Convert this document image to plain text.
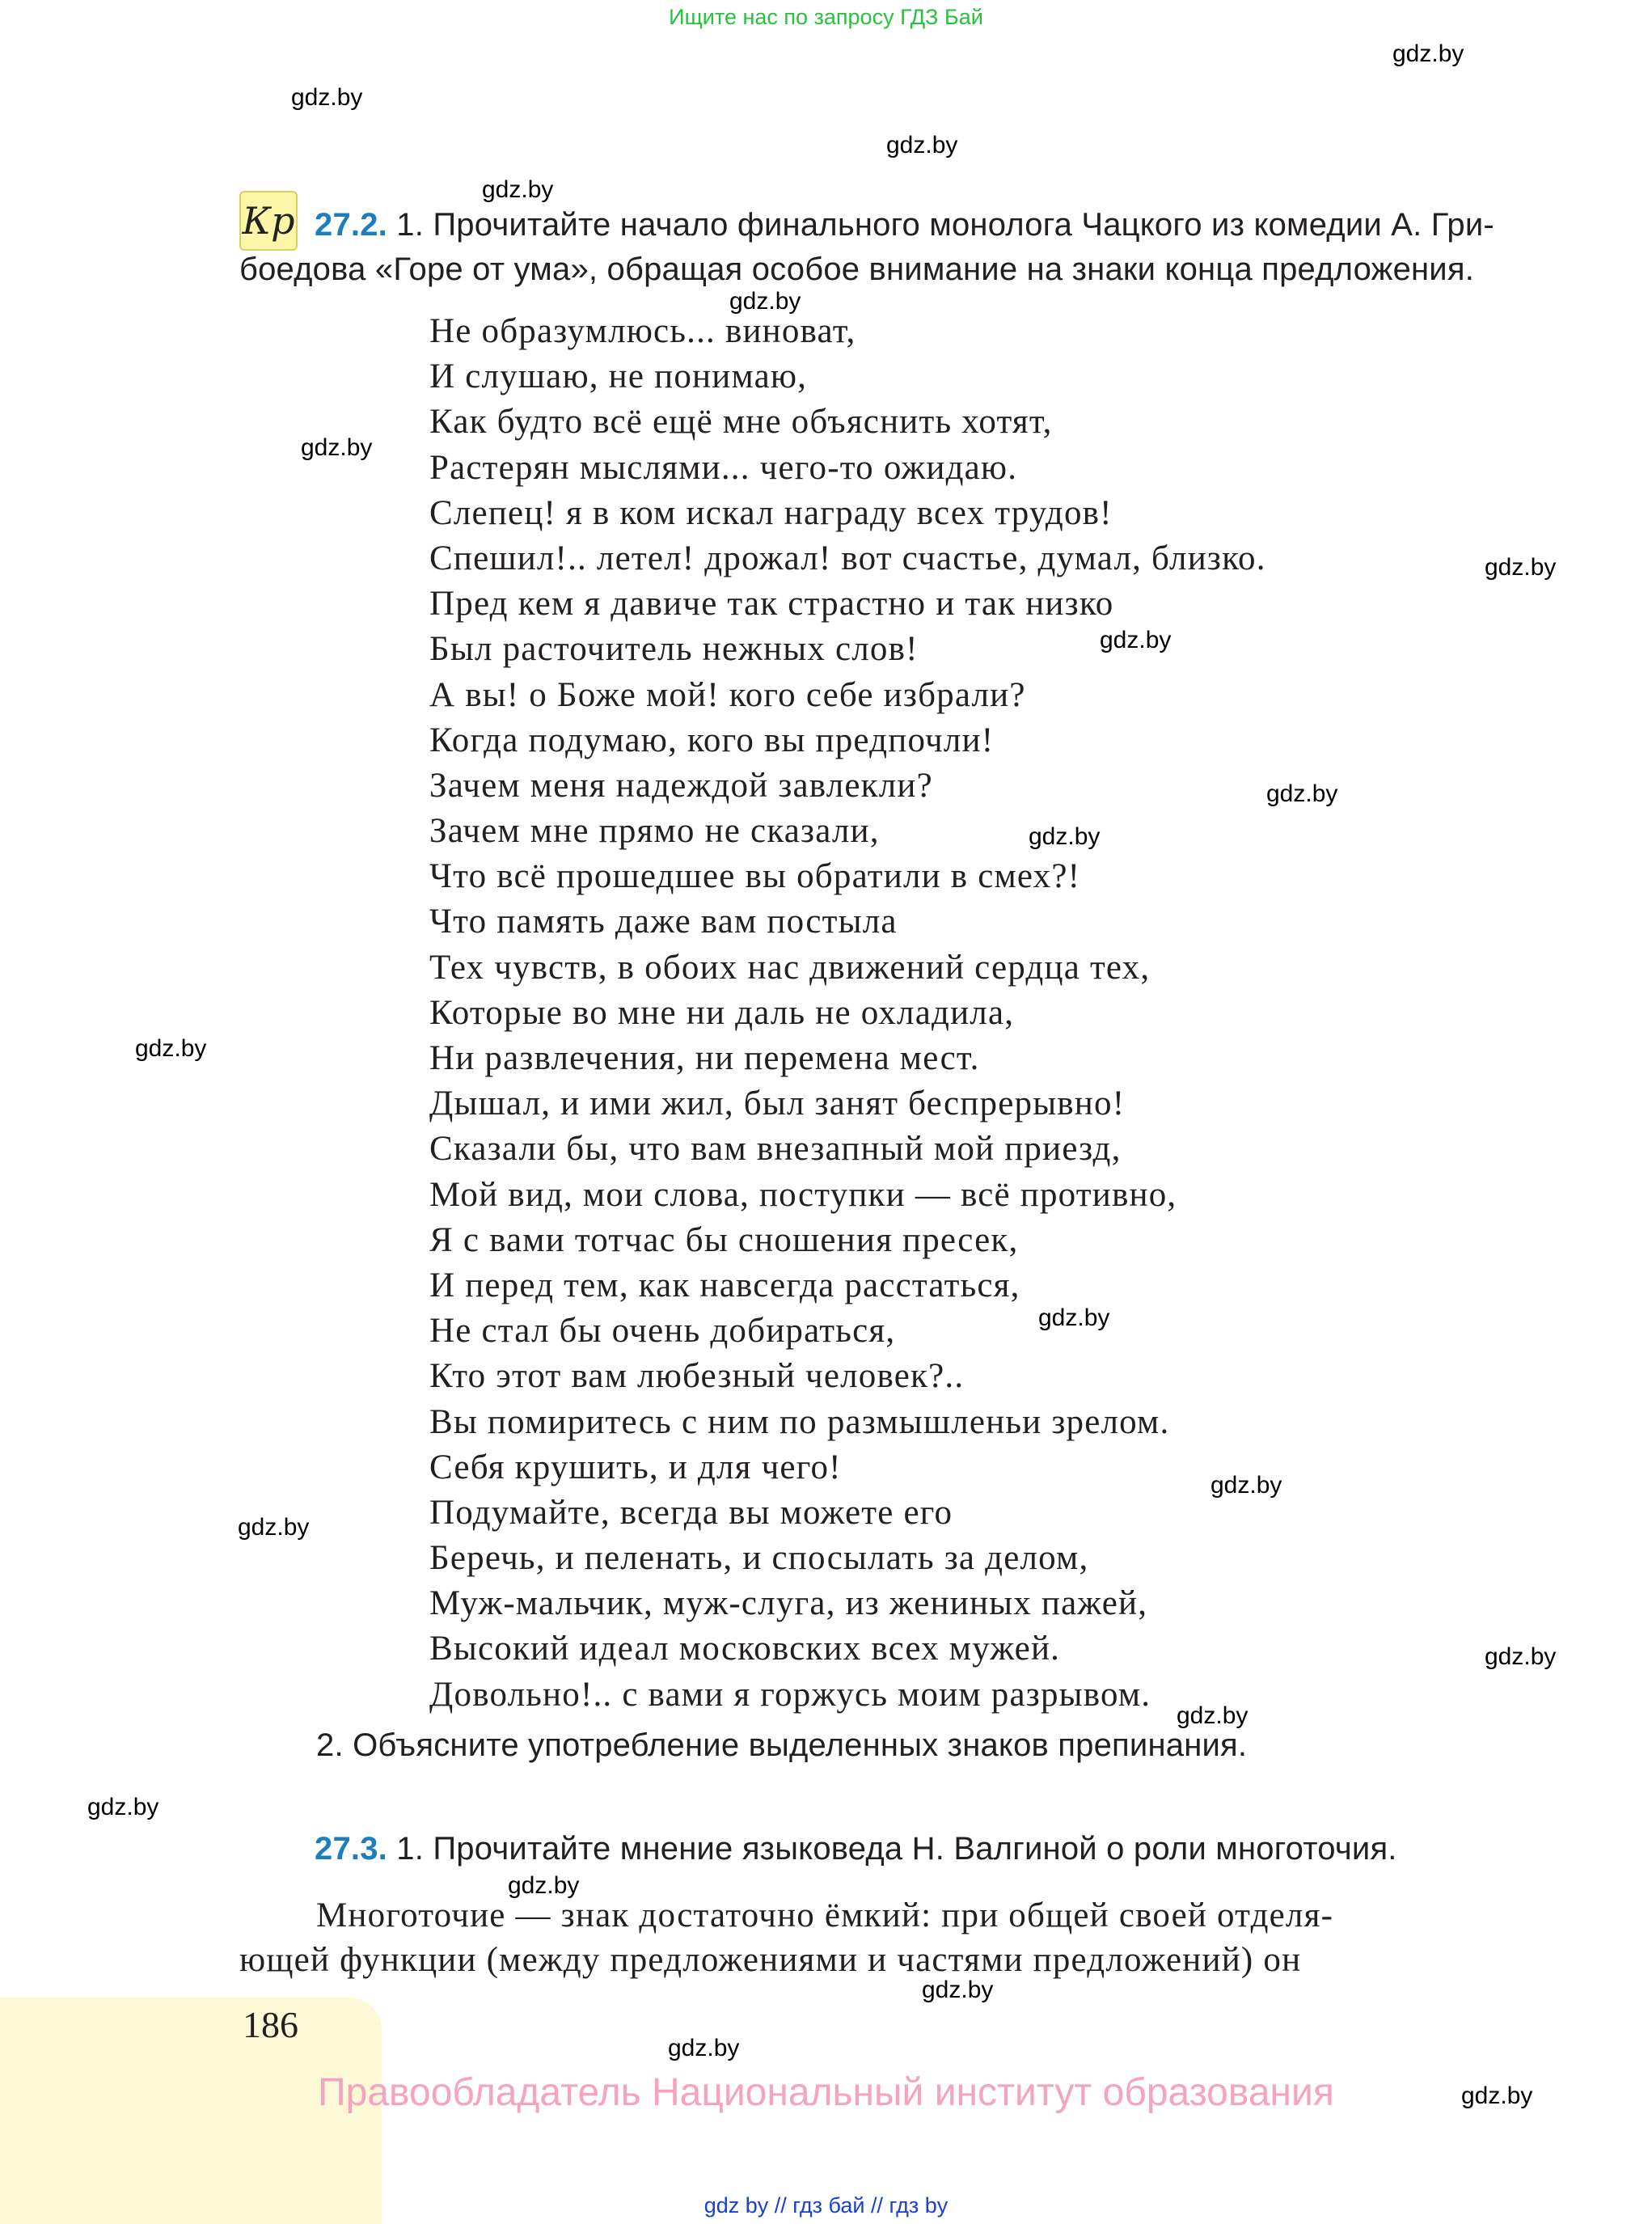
Ищите нас по запросу ГДЗ Бай
gdz.by
gdz.by
gdz.by
gdz.by
gdz.by
gdz.by
gdz.by
gdz.by
gdz.by
gdz.by
gdz.by
gdz.by
gdz.by
gdz.by
gdz.by
gdz.by
gdz.by
gdz.by
gdz.by
gdz.by
gdz.by
Кр 27.2. 1. Прочитайте начало финального монолога Чацкого из комедии А. Гри-
боедова «Горе от ума», обращая особое внимание на знаки конца предложения.
Не образумлюсь... виноват,
И слушаю, не понимаю,
Как будто всё ещё мне объяснить хотят,
Растерян мыслями... чего-то ожидаю.
Слепец! я в ком искал награду всех трудов!
Спешил!.. летел! дрожал! вот счастье, думал, близко.
Пред кем я давиче так страстно и так низко
Был расточитель нежных слов!
А вы! о Боже мой! кого себе избрали?
Когда подумаю, кого вы предпочли!
Зачем меня надеждой завлекли?
Зачем мне прямо не сказали,
Что всё прошедшее вы обратили в смех?!
Что память даже вам постыла
Тех чувств, в обоих нас движений сердца тех,
Которые во мне ни даль не охладила,
Ни развлечения, ни перемена мест.
Дышал, и ими жил, был занят беспрерывно!
Сказали бы, что вам внезапный мой приезд,
Мой вид, мои слова, поступки — всё противно,
Я с вами тотчас бы сношения пресек,
И перед тем, как навсегда расстаться,
Не стал бы очень добираться,
Кто этот вам любезный человек?..
Вы помиритесь с ним по размышленьи зрелом.
Себя крушить, и для чего!
Подумайте, всегда вы можете его
Беречь, и пеленать, и спосылать за делом,
Муж-мальчик, муж-слуга, из жениных пажей,
Высокий идеал московских всех мужей.
Довольно!.. с вами я горжусь моим разрывом.
2. Объясните употребление выделенных знаков препинания.
27.3. 1. Прочитайте мнение языковеда Н. Валгиной о роли многоточия.
Многоточие — знак достаточно ёмкий: при общей своей отделя-
ющей функции (между предложениями и частями предложений) он
186
Правообладатель Национальный институт образования
gdz by // гдз бай // гдз by
